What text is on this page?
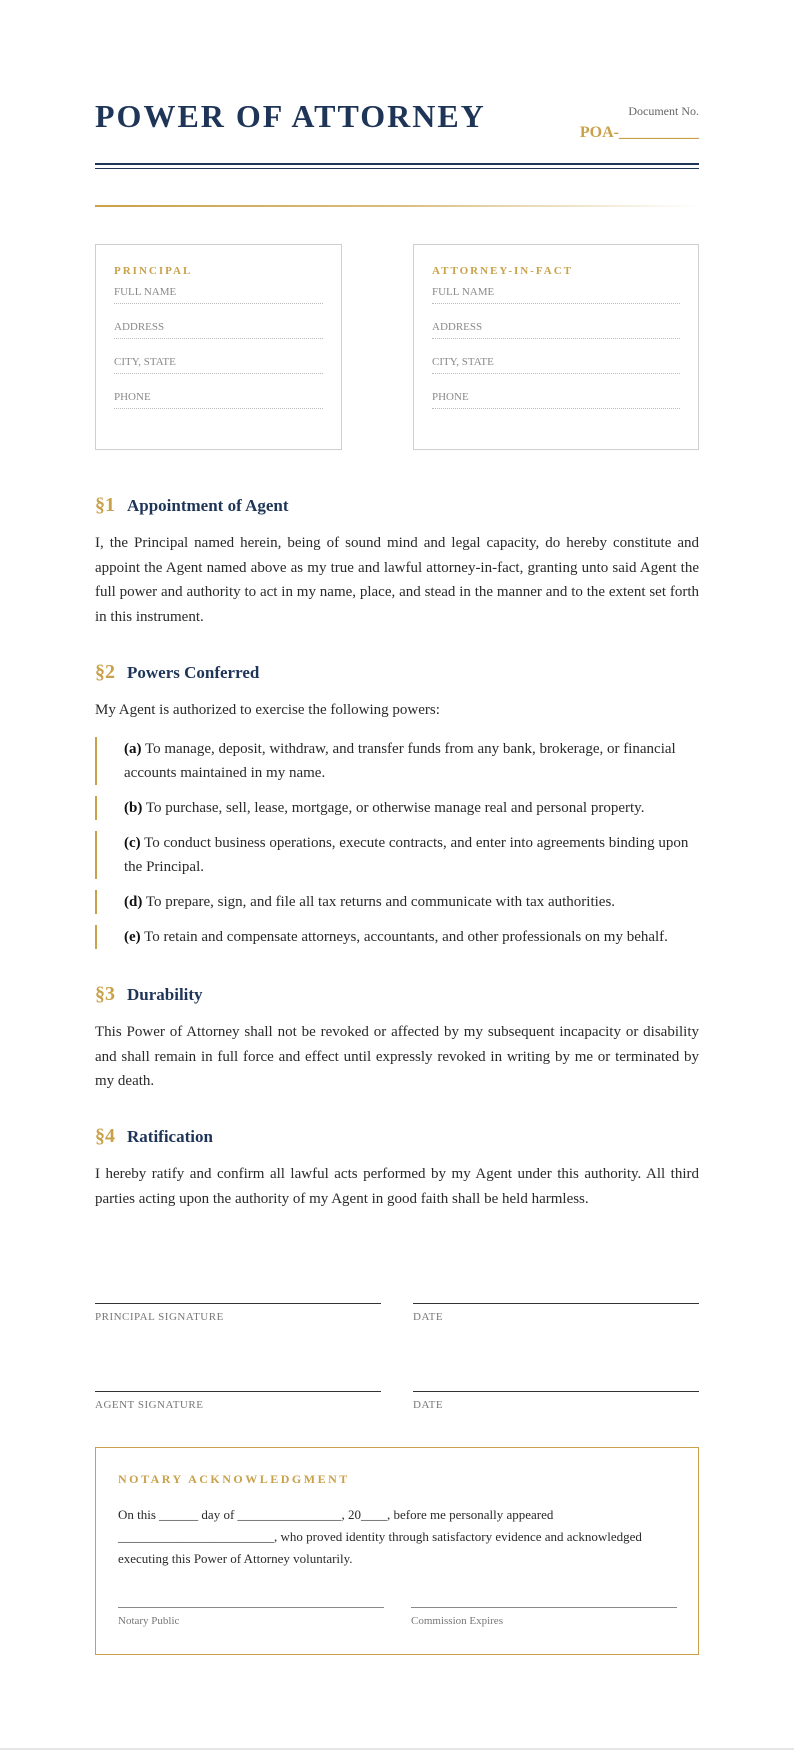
POWER OF ATTORNEY	Document No.
POA-__________
PRINCIPAL
FULL NAME
ADDRESS
CITY, STATE
PHONE
ATTORNEY-IN-FACT
FULL NAME
ADDRESS
CITY, STATE
PHONE
§1 Appointment of Agent

I, the Principal named herein, being of sound mind and legal capacity, do hereby constitute and appoint the Agent named above as my true and lawful attorney-in-fact, granting unto said Agent the full power and authority to act in my name, place, and stead in the manner and to the extent set forth in this instrument.

§2 Powers Conferred

My Agent is authorized to exercise the following powers:

(a) To manage, deposit, withdraw, and transfer funds from any bank, brokerage, or financial accounts maintained in my name.
(b) To purchase, sell, lease, mortgage, or otherwise manage real and personal property.
(c) To conduct business operations, execute contracts, and enter into agreements binding upon the Principal.
(d) To prepare, sign, and file all tax returns and communicate with tax authorities.
(e) To retain and compensate attorneys, accountants, and other professionals on my behalf.
§3 Durability

This Power of Attorney shall not be revoked or affected by my subsequent incapacity or disability and shall remain in full force and effect until expressly revoked in writing by me or terminated by my death.

§4 Ratification

I hereby ratify and confirm all lawful acts performed by my Agent under this authority. All third parties acting upon the authority of my Agent in good faith shall be held harmless.

PRINCIPAL SIGNATURE	DATE
AGENT SIGNATURE	DATE
NOTARY ACKNOWLEDGMENT

On this ______ day of ________________, 20____, before me personally appeared ________________________, who proved identity through satisfactory evidence and acknowledged executing this Power of Attorney voluntarily.

Notary Public	Commission Expires
